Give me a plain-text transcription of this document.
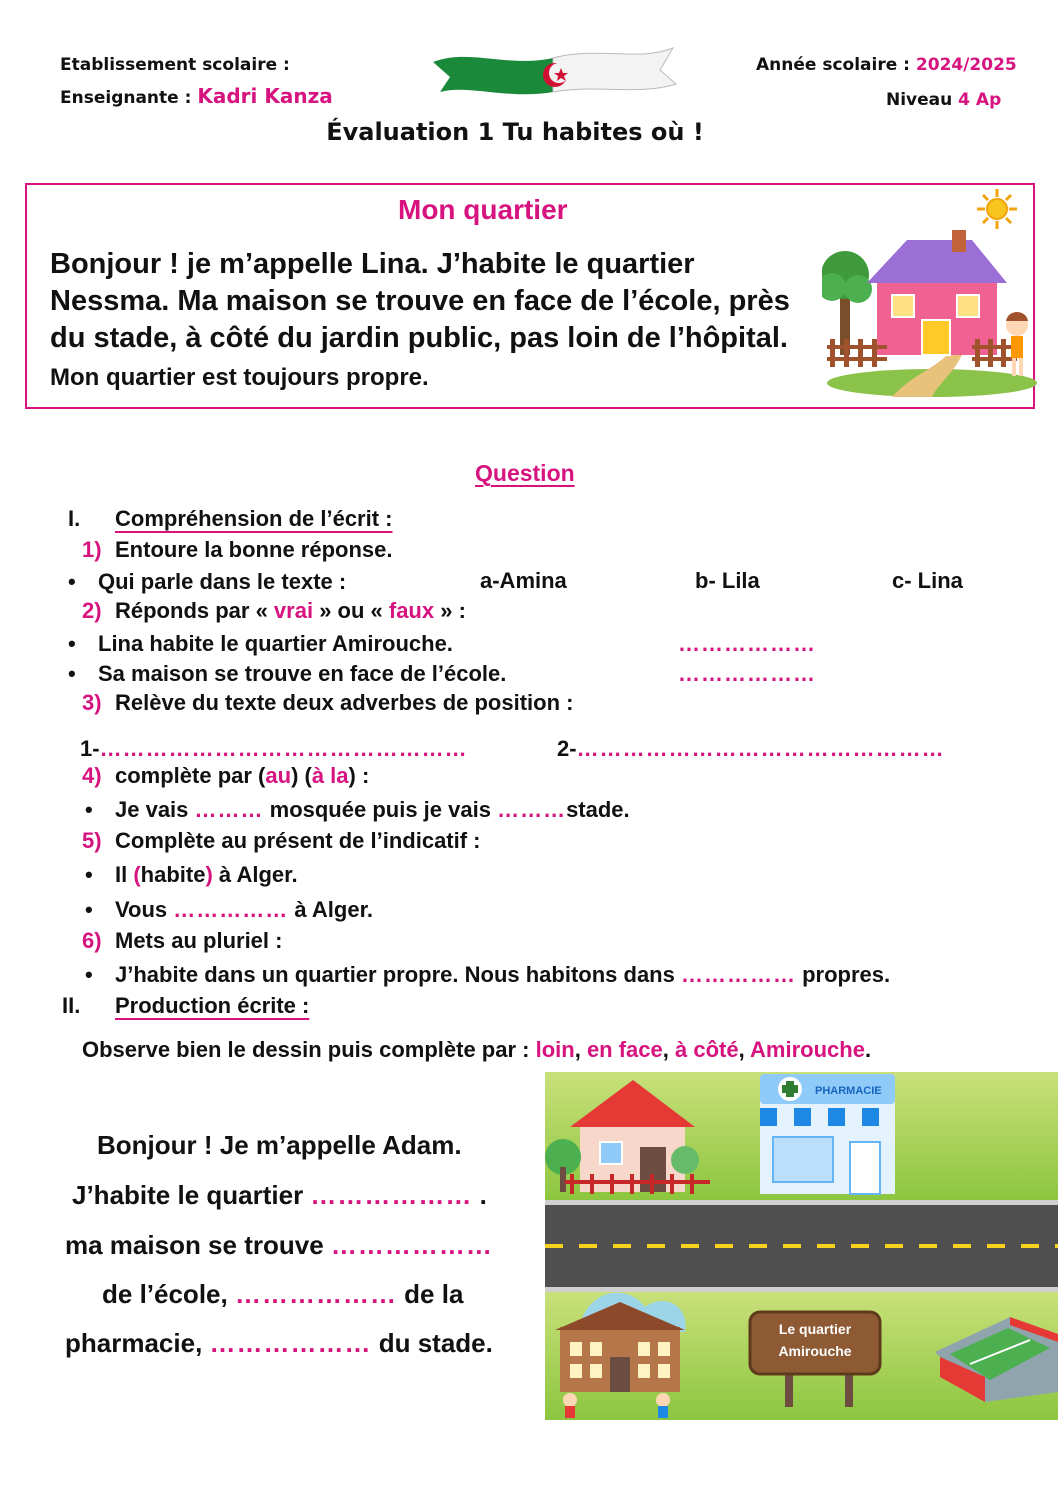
Etablissement scolaire :
Enseignante : Kadri Kanza
Année scolaire : 2024/2025
Niveau 4 Ap
Évaluation 1 Tu habites où !
Mon quartier
Bonjour ! je m’appelle Lina. J’habite le quartier Nessma. Ma maison se trouve en face de l’école, près du stade, à côté du jardin public, pas loin de l’hôpital. Mon quartier est toujours propre.
Question
I. Compréhension de l’écrit :
1) Entoure la bonne réponse.
• Qui parle dans le texte :	a-Amina	b- Lila	c- Lina
2) Réponds par « vrai » ou « faux » :
• Lina habite le quartier Amirouche.	………………
• Sa maison se trouve en face de l’école.	………………
3) Relève du texte deux adverbes de position :
1-…………………………………………	2-…………………………………………
4) complète par (au) (à la) :
• Je vais ……… mosquée puis je vais ………stade.
5) Complète au présent de l’indicatif :
• Il (habite) à Alger.
• Vous …………… à Alger.
6) Mets au pluriel :
• J’habite dans un quartier propre. Nous habitons dans …………… propres.
II. Production écrite :
Observe bien le dessin puis complète par : loin, en face, à côté, Amirouche.
Bonjour ! Je m’appelle Adam.
J’habite le quartier ……………… .
ma maison se trouve ………………
de l’école, ……………… de la
pharmacie, ……………… du stade.
PHARMACIE
Le quartier
Amirouche
